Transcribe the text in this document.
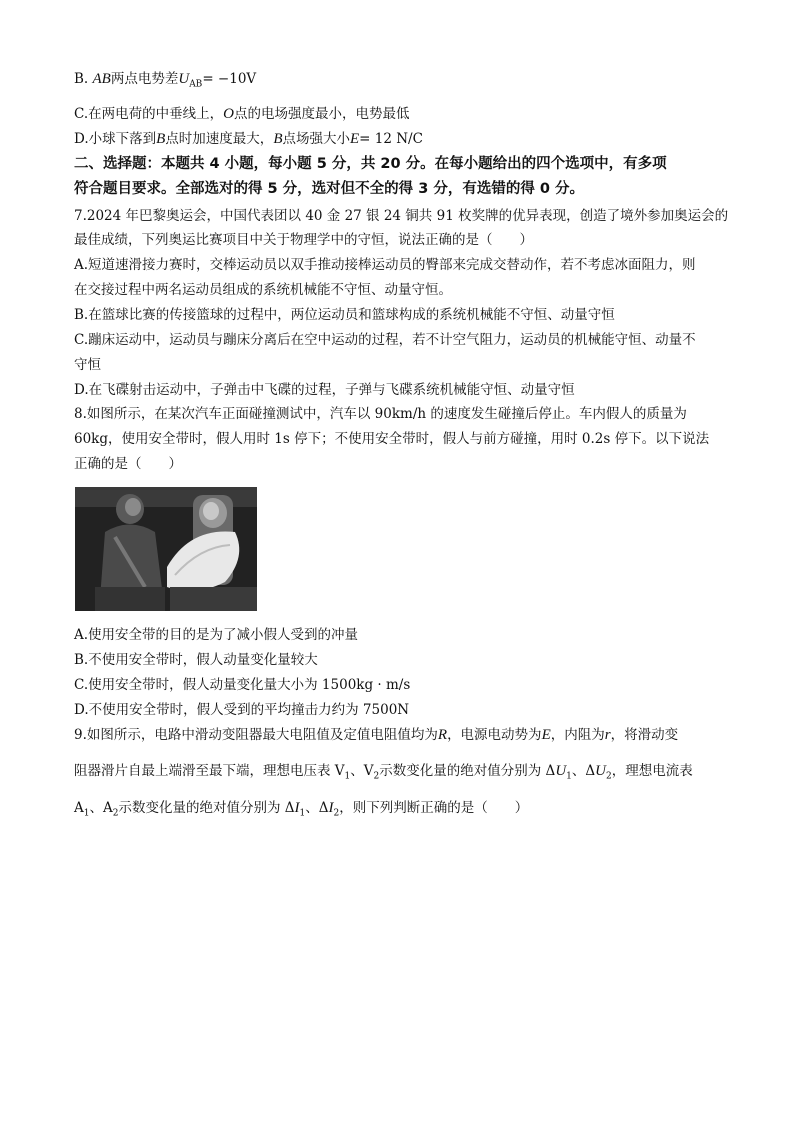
B. AB两点电势差$U_{AB}= -10V$
C.在两电荷的中垂线上，O点的电场强度最小，电势最低
D.小球下落到B点时加速度最大，B点场强大小E= 12 N/C
二、选择题：本题共 4 小题，每小题 5 分，共 20 分。在每小题给出的四个选项中，有多项
符合题目要求。全部选对的得 5 分，选对但不全的得 3 分，有选错的得 0 分。
7.2024 年巴黎奥运会，中国代表团以 40 金 27 银 24 铜共 91 枚奖牌的优异表现，创造了境外参加奥运会的
最佳成绩，下列奥运比赛项目中关于物理学中的守恒，说法正确的是（　　）
A.短道速滑接力赛时，交棒运动员以双手推动接棒运动员的臀部来完成交替动作，若不考虑冰面阻力，则
在交接过程中两名运动员组成的系统机械能不守恒、动量守恒。
B.在篮球比赛的传接篮球的过程中，两位运动员和篮球构成的系统机械能不守恒、动量守恒
C.蹦床运动中，运动员与蹦床分离后在空中运动的过程，若不计空气阻力，运动员的机械能守恒、动量不
守恒
D.在飞碟射击运动中，子弹击中飞碟的过程，子弹与飞碟系统机械能守恒、动量守恒
8.如图所示，在某次汽车正面碰撞测试中，汽车以 90km/h 的速度发生碰撞后停止。车内假人的质量为
60kg，使用安全带时，假人用时 1s 停下；不使用安全带时，假人与前方碰撞，用时 0.2s 停下。以下说法
正确的是（　　）
A.使用安全带的目的是为了减小假人受到的冲量
B.不使用安全带时，假人动量变化量较大
C.使用安全带时，假人动量变化量大小为 1500kg · m/s
D.不使用安全带时，假人受到的平均撞击力约为 7500N
9.如图所示，电路中滑动变阻器最大电阻值及定值电阻值均为R，电源电动势为E，内阻为r，将滑动变
阻器滑片自最上端滑至最下端，理想电压表 $V_1$、$V_2$示数变化量的绝对值分别为 $\Delta U_1$、$\Delta U_2$，理想电流表
$A_1$、$A_2$示数变化量的绝对值分别为 $\Delta I_1$、$\Delta I_2$，则下列判断正确的是（　　）
